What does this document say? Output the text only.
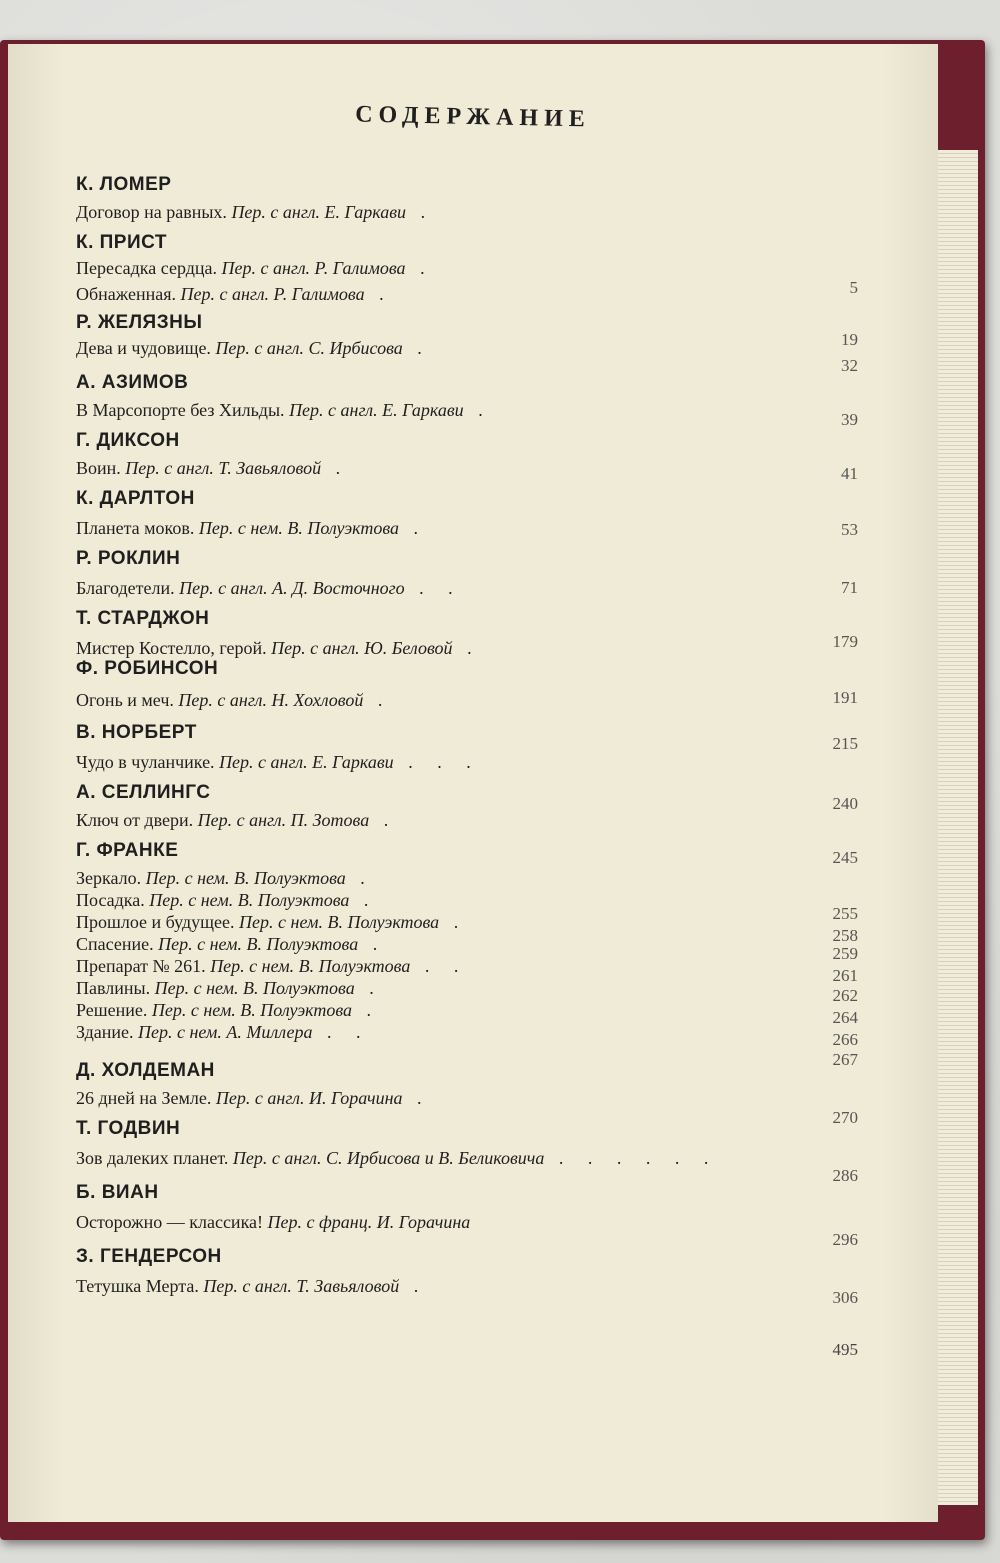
СОДЕРЖАНИЕ
К. ЛОМЕР
Договор на равных. Пер. с англ. Е. Гаркави .
К. ПРИСТ
Пересадка сердца. Пер. с англ. Р. Галимова .
Обнаженная. Пер. с англ. Р. Галимова .
Р. ЖЕЛЯЗНЫ
Дева и чудовище. Пер. с англ. С. Ирбисова .
А. АЗИМОВ
В Марсопорте без Хильды. Пер. с англ. Е. Гаркави .
Г. ДИКСОН
Воин. Пер. с англ. Т. Завьяловой .
К. ДАРЛТОН
Планета моков. Пер. с нем. В. Полуэктова .
Р. РОКЛИН
Благодетели. Пер. с англ. А. Д. Восточного . .
Т. СТАРДЖОН
Мистер Костелло, герой. Пер. с англ. Ю. Беловой .
Ф. РОБИНСОН
Огонь и меч. Пер. с англ. Н. Хохловой .
В. НОРБЕРТ
Чудо в чуланчике. Пер. с англ. Е. Гаркави . . .
А. СЕЛЛИНГС
Ключ от двери. Пер. с англ. П. Зотова .
Г. ФРАНКЕ
Зеркало. Пер. с нем. В. Полуэктова .
Посадка. Пер. с нем. В. Полуэктова .
Прошлое и будущее. Пер. с нем. В. Полуэктова .
Спасение. Пер. с нем. В. Полуэктова .
Препарат № 261. Пер. с нем. В. Полуэктова . .
Павлины. Пер. с нем. В. Полуэктова .
Решение. Пер. с нем. В. Полуэктова .
Здание. Пер. с нем. А. Миллера . .
Д. ХОЛДЕМАН
26 дней на Земле. Пер. с англ. И. Горачина .
Т. ГОДВИН
Зов далеких планет. Пер. с англ. С. Ирбисова и В. Беликовича . . . . . .
Б. ВИАН
Осторожно — классика! Пер. с франц. И. Горачина
З. ГЕНДЕРСОН
Тетушка Мерта. Пер. с англ. Т. Завьяловой .
5
19
32
39
41
53
71
179
191
215
240
245
255
258
259
261
262
264
266
267
270
286
296
306
495
